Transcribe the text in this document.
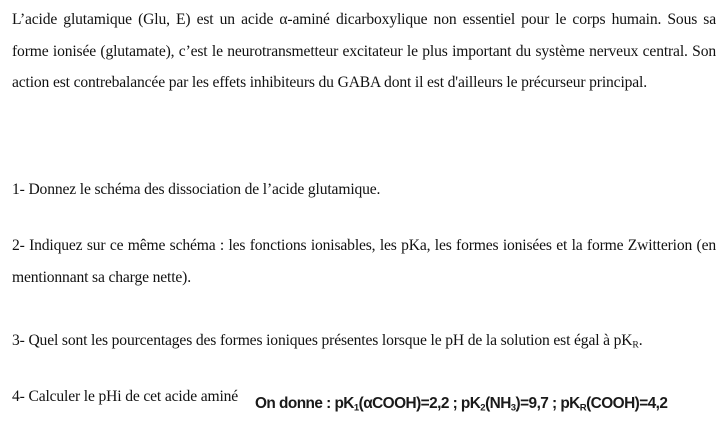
L’acide glutamique (Glu, E) est un acide α-aminé dicarboxylique non essentiel pour le corps humain. Sous sa forme ionisée (glutamate), c’est le neurotransmetteur excitateur le plus important du système nerveux central. Son action est contrebalancée par les effets inhibiteurs du GABA dont il est d'ailleurs le précurseur principal.

1- Donnez le schéma des dissociation de l’acide glutamique.

2- Indiquez sur ce même schéma : les fonctions ionisables, les pKa, les formes ionisées et la forme Zwitterion (en mentionnant sa charge nette).

3- Quel sont les pourcentages des formes ioniques présentes lorsque le pH de la solution est égal à $pK_R$.

4- Calculer le pHi de cet acide aminé	On donne : $pK_1(\alpha COOH)=2,2$ ; $pK_2(NH_3)=9,7$ ; $pK_R(COOH)=4,2$
